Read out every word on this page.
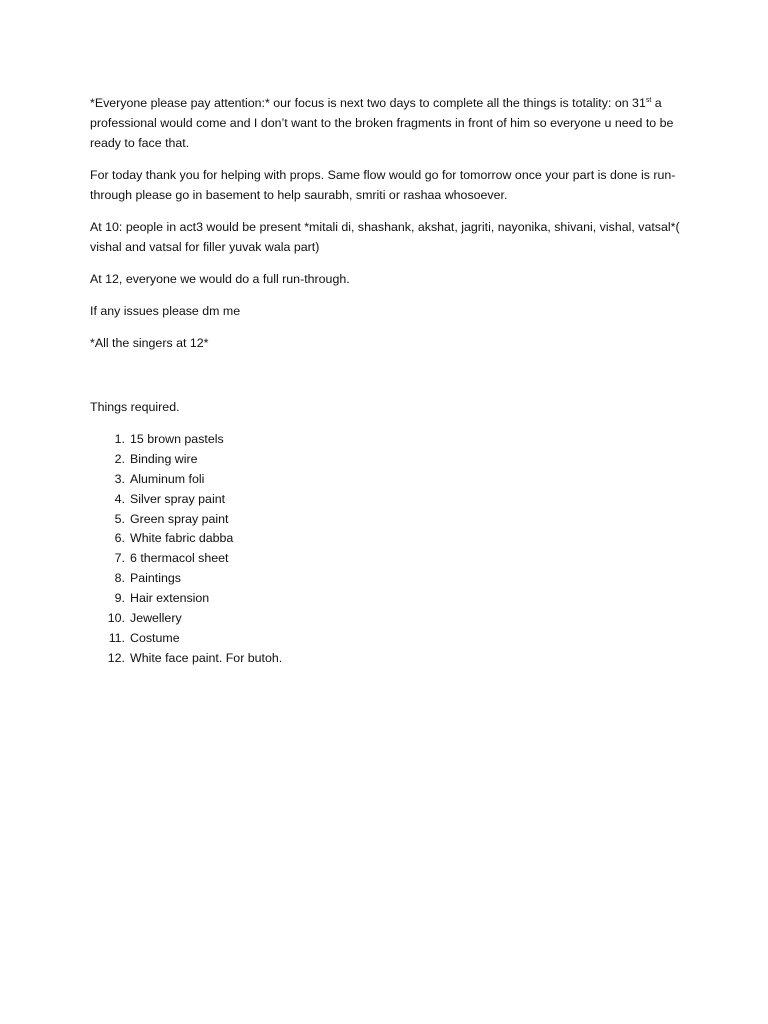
*Everyone please pay attention:* our focus is next two days to complete all the things is totality: on 31st a professional would come and I don’t want to the broken fragments in front of him so everyone u need to be ready to face that.

For today thank you for helping with props. Same flow would go for tomorrow once your part is done is run-through please go in basement to help saurabh, smriti or rashaa whosoever.

At 10: people in act3 would be present *mitali di, shashank, akshat, jagriti, nayonika, shivani, vishal, vatsal*( vishal and vatsal for filler yuvak wala part)

At 12, everyone we would do a full run-through.

If any issues please dm me

*All the singers at 12*

Things required.

1. 15 brown pastels
2. Binding wire
3. Aluminum foli
4. Silver spray paint
5. Green spray paint
6. White fabric dabba
7. 6 thermacol sheet
8. Paintings
9. Hair extension
10. Jewellery
11. Costume
12. White face paint. For butoh.
